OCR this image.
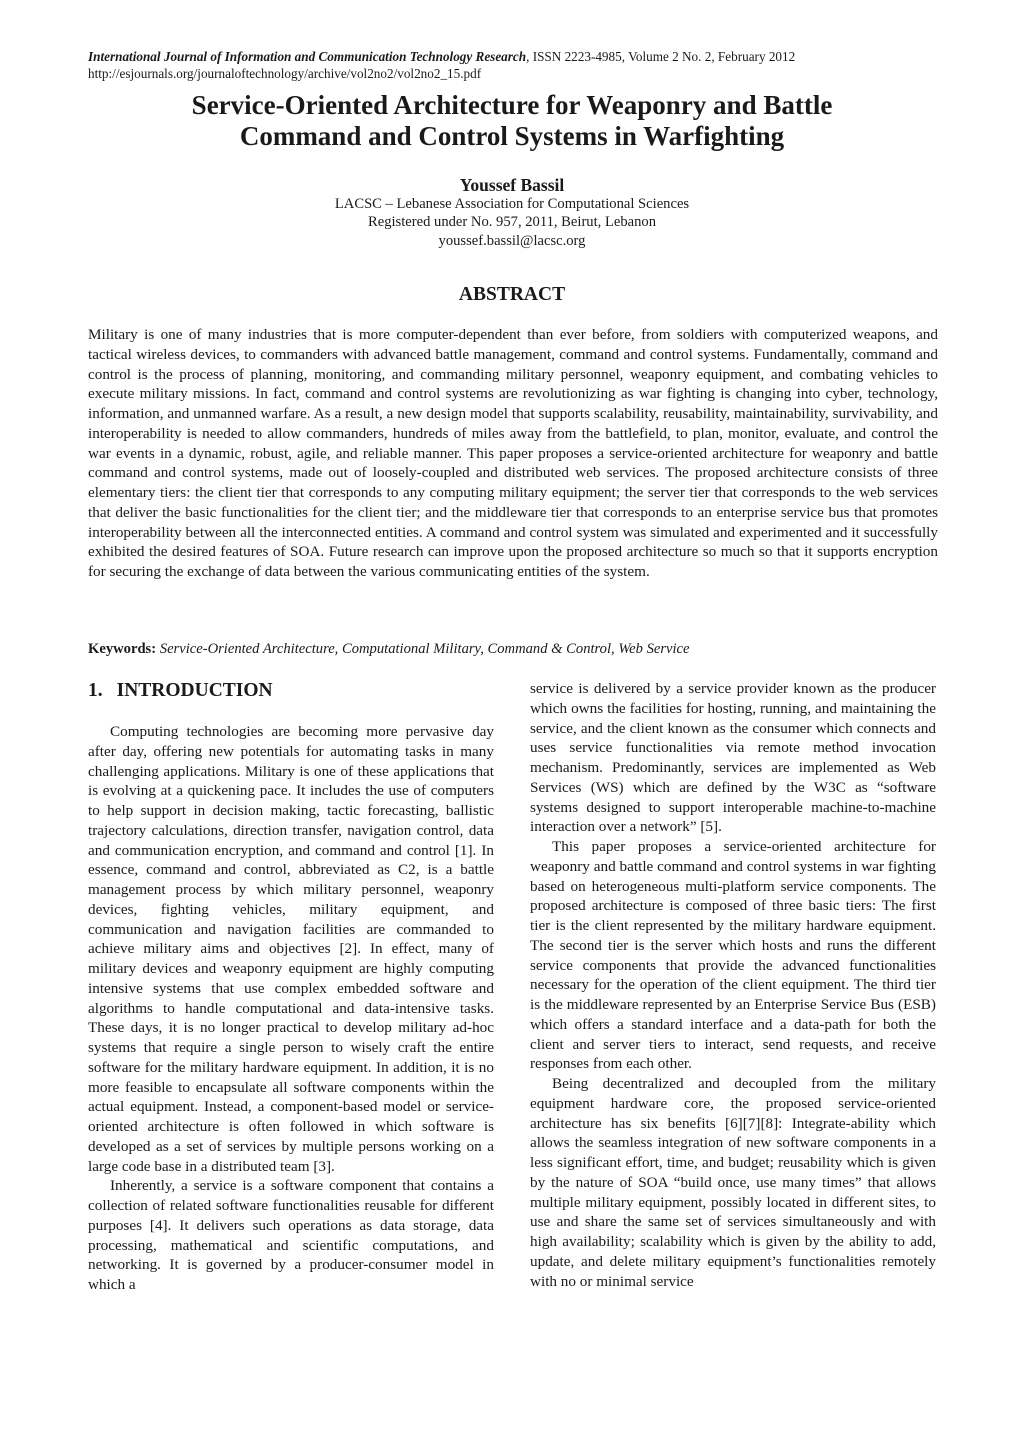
International Journal of Information and Communication Technology Research, ISSN 2223-4985, Volume 2 No. 2, February 2012
http://esjournals.org/journaloftechnology/archive/vol2no2/vol2no2_15.pdf
Service-Oriented Architecture for Weaponry and Battle
Command and Control Systems in Warfighting
Youssef Bassil
LACSC – Lebanese Association for Computational Sciences
Registered under No. 957, 2011, Beirut, Lebanon
youssef.bassil@lacsc.org
ABSTRACT

Military is one of many industries that is more computer-dependent than ever before, from soldiers with computerized weapons, and tactical wireless devices, to commanders with advanced battle management, command and control systems. Fundamentally, command and control is the process of planning, monitoring, and commanding military personnel, weaponry equipment, and combating vehicles to execute military missions. In fact, command and control systems are revolutionizing as war fighting is changing into cyber, technology, information, and unmanned warfare. As a result, a new design model that supports scalability, reusability, maintainability, survivability, and interoperability is needed to allow commanders, hundreds of miles away from the battlefield, to plan, monitor, evaluate, and control the war events in a dynamic, robust, agile, and reliable manner. This paper proposes a service-oriented architecture for weaponry and battle command and control systems, made out of loosely-coupled and distributed web services. The proposed architecture consists of three elementary tiers: the client tier that corresponds to any computing military equipment; the server tier that corresponds to the web services that deliver the basic functionalities for the client tier; and the middleware tier that corresponds to an enterprise service bus that promotes interoperability between all the interconnected entities. A command and control system was simulated and experimented and it successfully exhibited the desired features of SOA. Future research can improve upon the proposed architecture so much so that it supports encryption for securing the exchange of data between the various communicating entities of the system.

Keywords: Service-Oriented Architecture, Computational Military, Command & Control, Web Service
1. INTRODUCTION

Computing technologies are becoming more pervasive day after day, offering new potentials for automating tasks in many challenging applications. Military is one of these applications that is evolving at a quickening pace. It includes the use of computers to help support in decision making, tactic forecasting, ballistic trajectory calculations, direction transfer, navigation control, data and communication encryption, and command and control [1]. In essence, command and control, abbreviated as C2, is a battle management process by which military personnel, weaponry devices, fighting vehicles, military equipment, and communication and navigation facilities are commanded to achieve military aims and objectives [2]. In effect, many of military devices and weaponry equipment are highly computing intensive systems that use complex embedded software and algorithms to handle computational and data-intensive tasks. These days, it is no longer practical to develop military ad-hoc systems that require a single person to wisely craft the entire software for the military hardware equipment. In addition, it is no more feasible to encapsulate all software components within the actual equipment. Instead, a component-based model or service-oriented architecture is often followed in which software is developed as a set of services by multiple persons working on a large code base in a distributed team [3].

Inherently, a service is a software component that contains a collection of related software functionalities reusable for different purposes [4]. It delivers such operations as data storage, data processing, mathematical and scientific computations, and networking. It is governed by a producer-consumer model in which a

service is delivered by a service provider known as the producer which owns the facilities for hosting, running, and maintaining the service, and the client known as the consumer which connects and uses service functionalities via remote method invocation mechanism. Predominantly, services are implemented as Web Services (WS) which are defined by the W3C as “software systems designed to support interoperable machine-to-machine interaction over a network” [5].

This paper proposes a service-oriented architecture for weaponry and battle command and control systems in war fighting based on heterogeneous multi-platform service components. The proposed architecture is composed of three basic tiers: The first tier is the client represented by the military hardware equipment. The second tier is the server which hosts and runs the different service components that provide the advanced functionalities necessary for the operation of the client equipment. The third tier is the middleware represented by an Enterprise Service Bus (ESB) which offers a standard interface and a data-path for both the client and server tiers to interact, send requests, and receive responses from each other.

Being decentralized and decoupled from the military equipment hardware core, the proposed service-oriented architecture has six benefits [6][7][8]: Integrate-ability which allows the seamless integration of new software components in a less significant effort, time, and budget; reusability which is given by the nature of SOA “build once, use many times” that allows multiple military equipment, possibly located in different sites, to use and share the same set of services simultaneously and with high availability; scalability which is given by the ability to add, update, and delete military equipment’s functionalities remotely with no or minimal service
